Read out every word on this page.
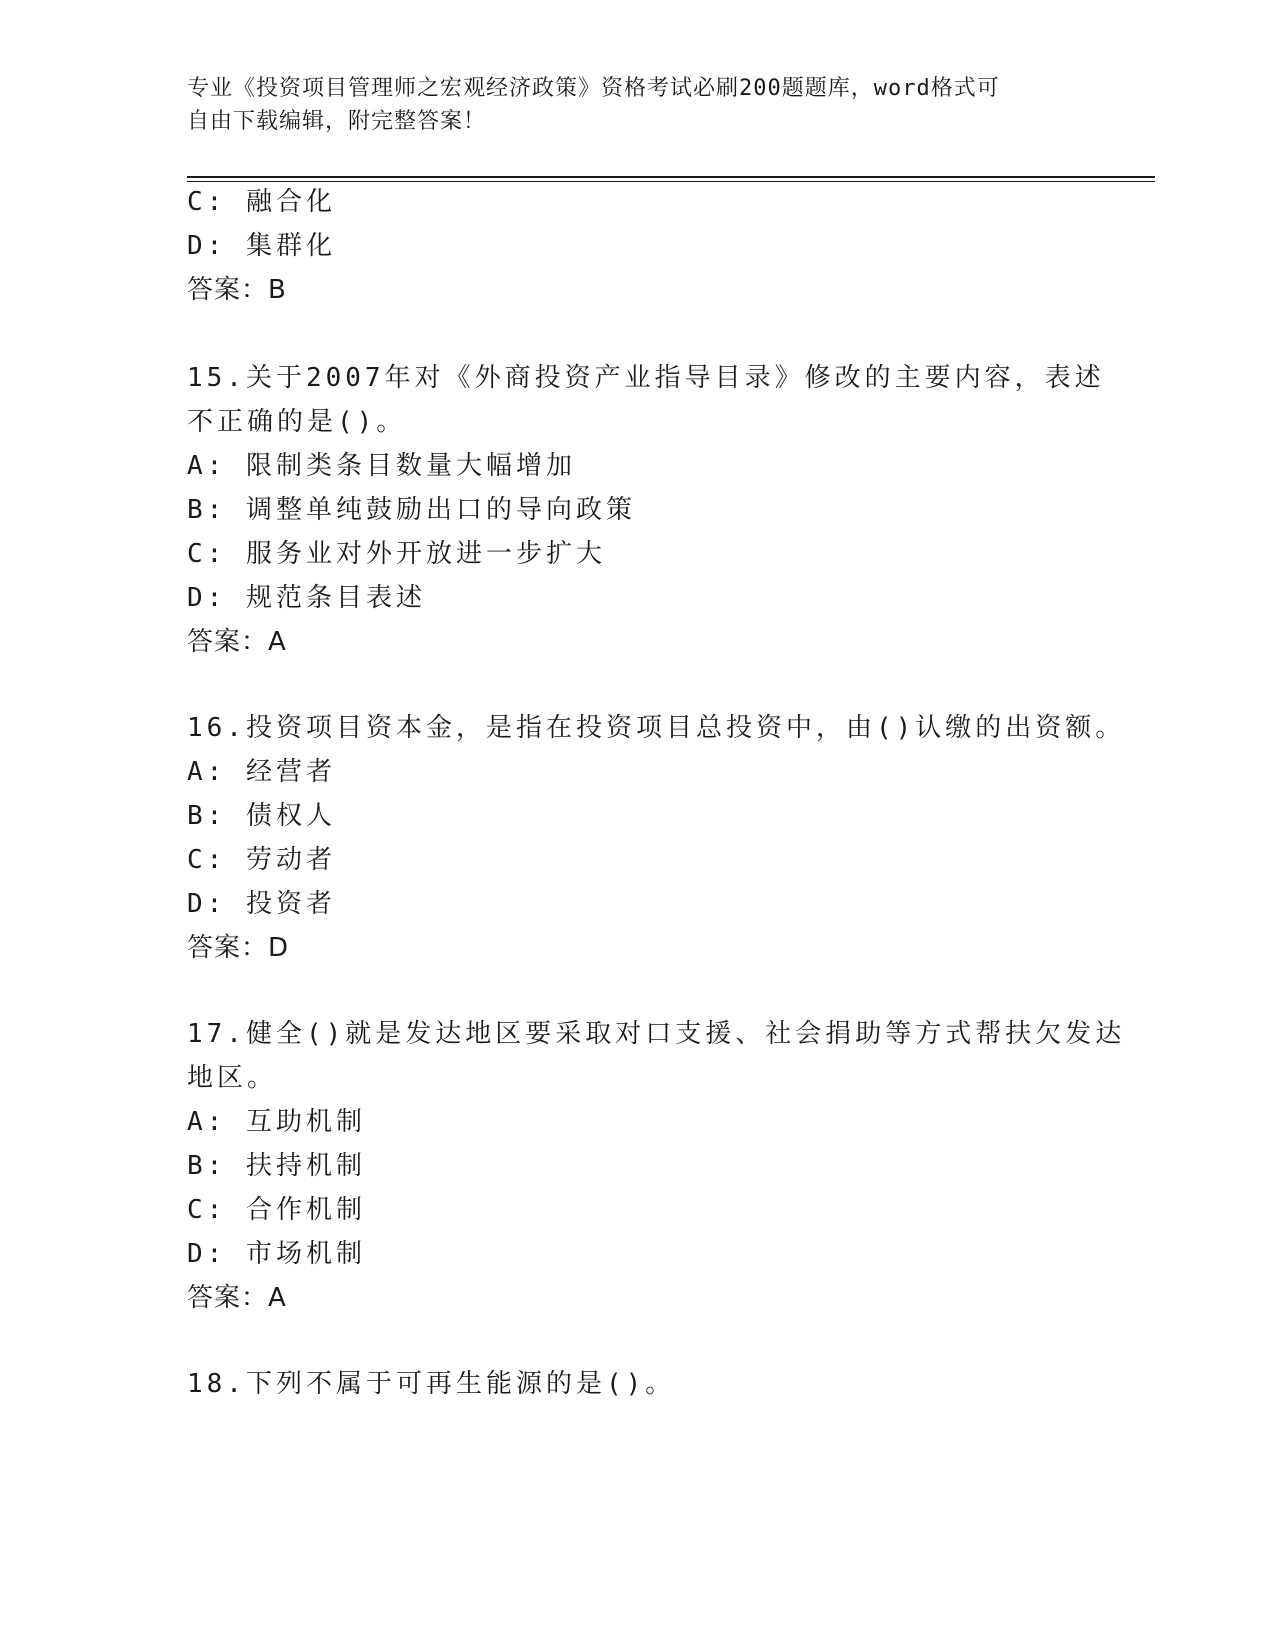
专业《投资项目管理师之宏观经济政策》资格考试必刷200题题库，word格式可
自由下载编辑，附完整答案！
C: 融合化
D: 集群化
答案：B
15.关于2007年对《外商投资产业指导目录》修改的主要内容，表述
不正确的是()。
A: 限制类条目数量大幅增加
B: 调整单纯鼓励出口的导向政策
C: 服务业对外开放进一步扩大
D: 规范条目表述
答案：A
16.投资项目资本金，是指在投资项目总投资中，由()认缴的出资额。
A: 经营者
B: 债权人
C: 劳动者
D: 投资者
答案：D
17.健全()就是发达地区要采取对口支援、社会捐助等方式帮扶欠发达
地区。
A: 互助机制
B: 扶持机制
C: 合作机制
D: 市场机制
答案：A
18.下列不属于可再生能源的是()。
